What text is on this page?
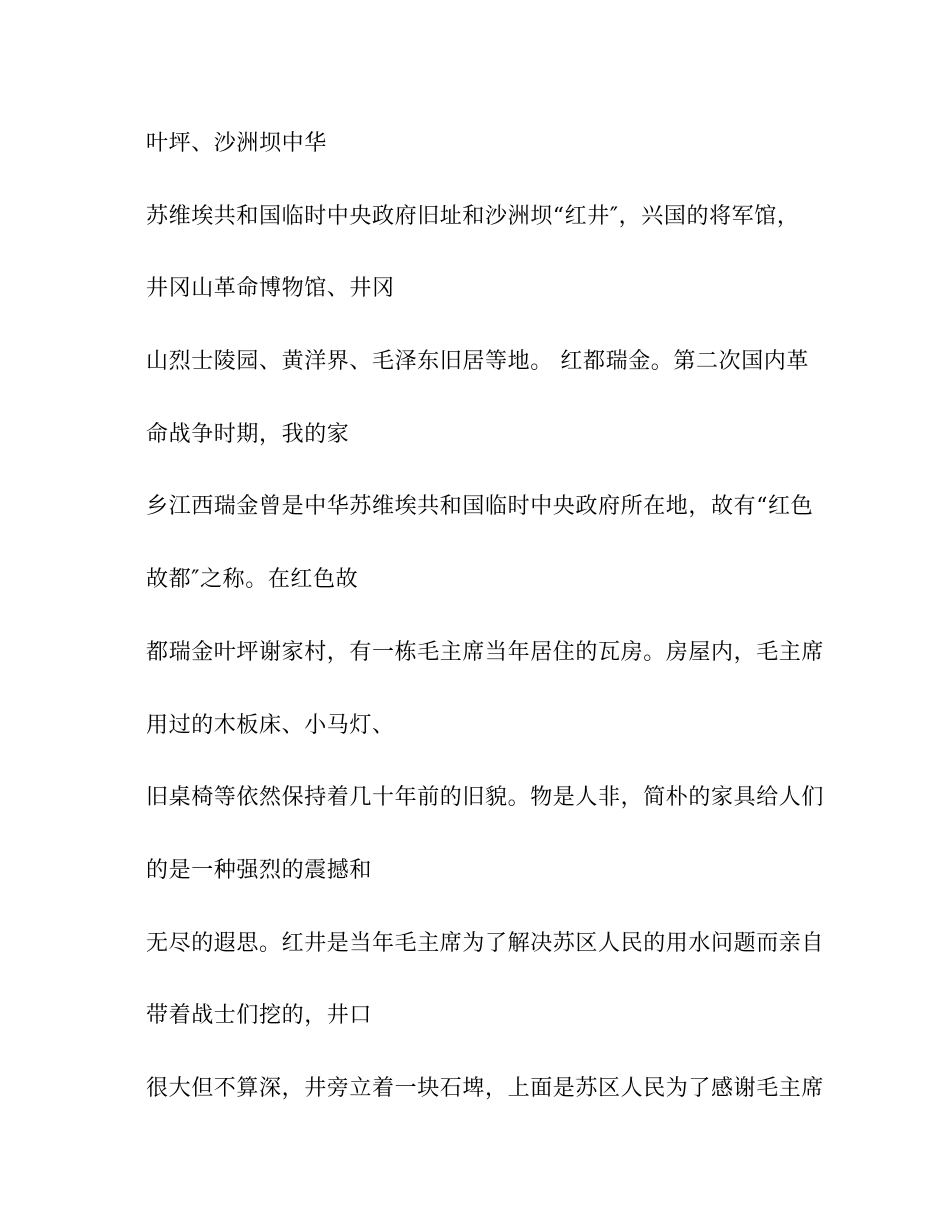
叶坪、沙洲坝中华
苏维埃共和国临时中央政府旧址和沙洲坝“红井″，兴国的将军馆，
井冈山革命博物馆、井冈
山烈士陵园、黄洋界、毛泽东旧居等地。 红都瑞金。第二次国内革
命战争时期，我的家
乡江西瑞金曾是中华苏维埃共和国临时中央政府所在地，故有“红色
故都″之称。在红色故
都瑞金叶坪谢家村，有一栋毛主席当年居住的瓦房。房屋内，毛主席
用过的木板床、小马灯、
旧桌椅等依然保持着几十年前的旧貌。物是人非，简朴的家具给人们
的是一种强烈的震撼和
无尽的遐思。红井是当年毛主席为了解决苏区人民的用水问题而亲自
带着战士们挖的，井口
很大但不算深，井旁立着一块石埤，上面是苏区人民为了感谢毛主席
